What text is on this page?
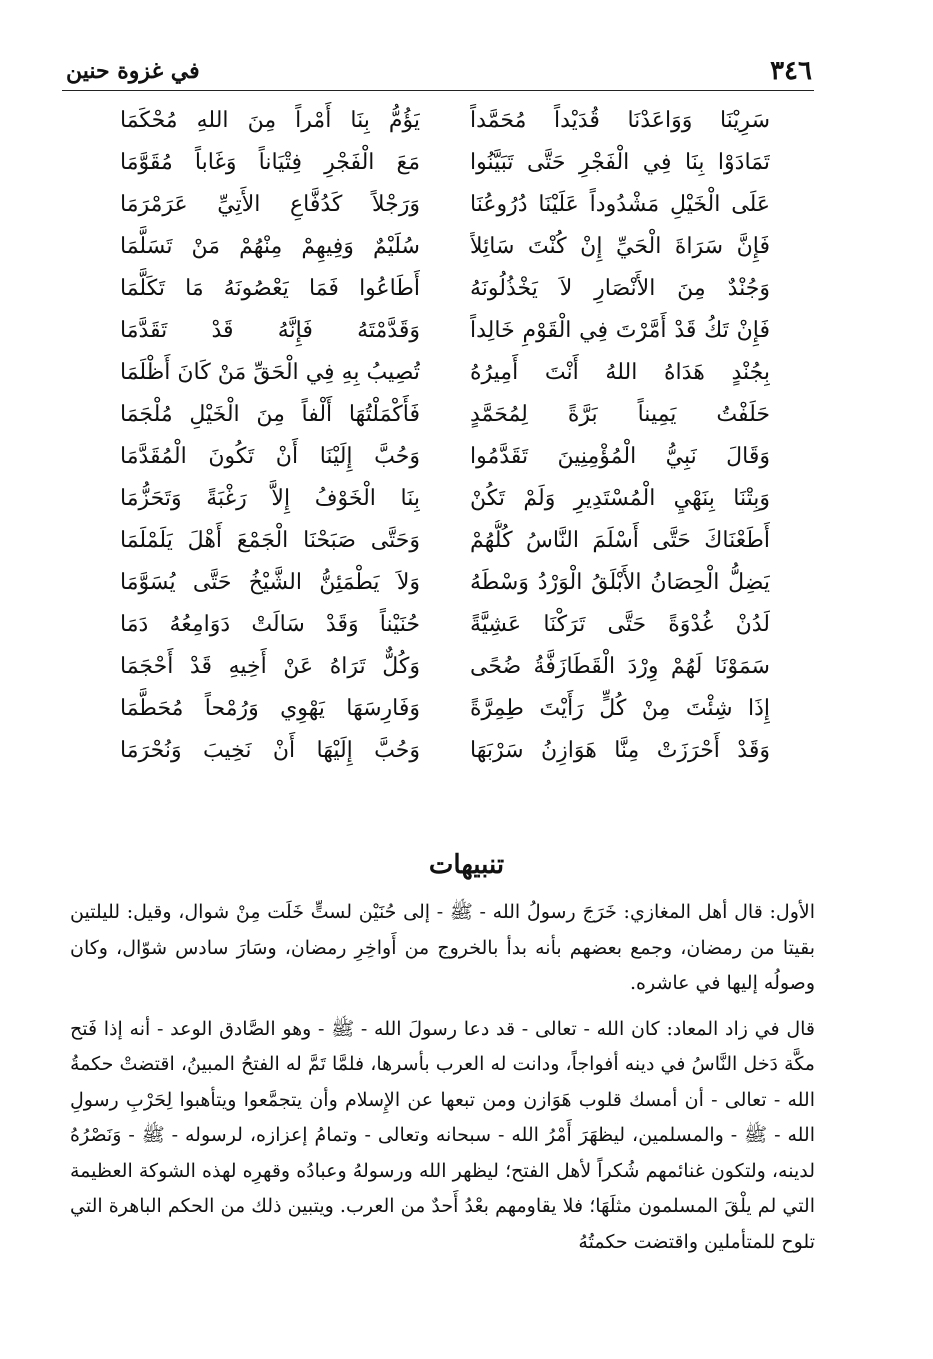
٣٤٦
في غزوة حنين
سَرِيْنَا وَوَاعَدْنَا قُدَيْداً مُحَمَّداً
يَؤُمُّ بِنَا أَمْراً مِنَ اللهِ مُحْكَمَا
تَمَادَوْا بِنَا فِي الْفَجْرِ حَتَّى تَبَيَّنُوا
مَعَ الْفَجْرِ فِتْيَاناً وَغَاباً مُقَوَّمَا
عَلَى الْخَيْلِ مَشْدُوداً عَلَيْنَا دُرُوعُنَا
وَرَجْلاً كَدُفَّاعِ الأَتِيِّ عَرَمْرَمَا
فَإِنَّ سَرَاةَ الْحَيِّ إِنْ كُنْتَ سَائِلاً
سُلَيْمٌ وَفِيهِمْ مِنْهُمْ مَنْ تَسَلَّمَا
وَجُنْدٌ مِنَ الأَنْصَارِ لاَ يَخْذُلُونَهُ
أَطَاعُوا فَمَا يَعْصُونَهُ مَا تَكَلَّمَا
فَإِنْ تَكُ قَدْ أَمَّرْتَ فِي الْقَوْمِ خَالِداً
وَقَدَّمْتَهُ فَإِنَّهُ قَدْ تَقَدَّمَا
بِجُنْدٍ هَدَاهُ اللهُ أَنْتَ أَمِيرُهُ
تُصِيبُ بِهِ فِي الْحَقِّ مَنْ كَانَ أَظْلَمَا
حَلَفْتُ يَمِيناً بَرَّةً لِمُحَمَّدٍ
فَأَكْمَلْتُهَا أَلْفاً مِنَ الْخَيْلِ مُلْجَمَا
وَقَالَ نَبِيُّ الْمُؤْمِنِينَ تَقَدَّمُوا
وَحُبَّ إِلَيْنَا أَنْ تَكُونَ الْمُقَدَّمَا
وَبِتْنَا بِنَهْيِ الْمُسْتَدِيرِ وَلَمْ تَكُنْ
بِنَا الْخَوْفُ إِلاَّ رَغْبَةً وَتَحَزُّمَا
أَطَعْنَاكَ حَتَّى أَسْلَمَ النَّاسُ كُلُّهُمْ
وَحَتَّى صَبَحْنَا الْجَمْعَ أَهْلَ يَلَمْلَمَا
يَضِلُّ الْحِصَانُ الأَبْلَقُ الْوَرْدُ وَسْطَهُ
وَلاَ يَطْمَئِنُّ الشَّيْخُ حَتَّى يُسَوَّمَا
لَدُنْ غُدْوَةً حَتَّى تَرَكْنَا عَشِيَّةً
حُنَيْناً وَقَدْ سَالَتْ دَوَامِعُهُ دَمَا
سَمَوْنَا لَهُمْ وِرْدَ الْقَطَازَفَّةُ ضُحًى
وَكُلٌّ تَرَاهُ عَنْ أَخِيهِ قَدْ أَحْجَمَا
إِذَا شِئْتَ مِنْ كُلٍّ رَأَيْتَ طِمِرَّةً
وَفَارِسَهَا يَهْوِي وَرُمْحاً مُحَطَّمَا
وَقَدْ أَحْرَزَتْ مِنَّا هَوَازِنُ سَرْبَهَا
وَحُبَّ إِلَيْهَا أَنْ نَخِيبَ وَنُحْرَمَا
تنبيهات

الأول: قال أهل المغازي: خَرَجَ رسولُ الله - ﷺ - إلى حُنَيْن لستٍّ خَلَت مِنْ شوال، وقيل: لليلتين بقيتا من رمضان، وجمع بعضهم بأنه بدأ بالخروج من أَواخِرِ رمضان، وسَارَ سادس شوّال، وكان وصولُه إليها في عاشره.

قال في زاد المعاد: كان الله - تعالى - قد دعا رسولَ الله - ﷺ - وهو الصَّادق الوعد - أنه إذا فَتح مكَّة دَخل النَّاسُ في دينه أفواجاً، ودانت له العرب بأسرها، فلمَّا تَمَّ له الفتحُ المبينُ، اقتضتْ حكمةُ الله - تعالى - أن أمسك قلوب هَوَازن ومن تبعها عن الإِسلام وأن يتجمَّعوا ويتأهبوا لِحَرْبِ رسولِ الله - ﷺ - والمسلمين، ليظهَرَ أَمْرُ الله - سبحانه وتعالى - وتمامُ إعزازه، لرسوله - ﷺ - وَنَصْرُهُ لدينه، ولتكون غنائمهم شُكراً لأهل الفتح؛ ليظهر الله ورسولهُ وعبادُه وقهرِه لهذه الشوكة العظيمة التي لم يلْقَ المسلمون مثلَهَا؛ فلا يقاومهم بعْدُ أَحدٌ من العرب. ويتبين ذلك من الحكم الباهرة التي تلوح للمتأملين واقتضت حكمتُهُ
